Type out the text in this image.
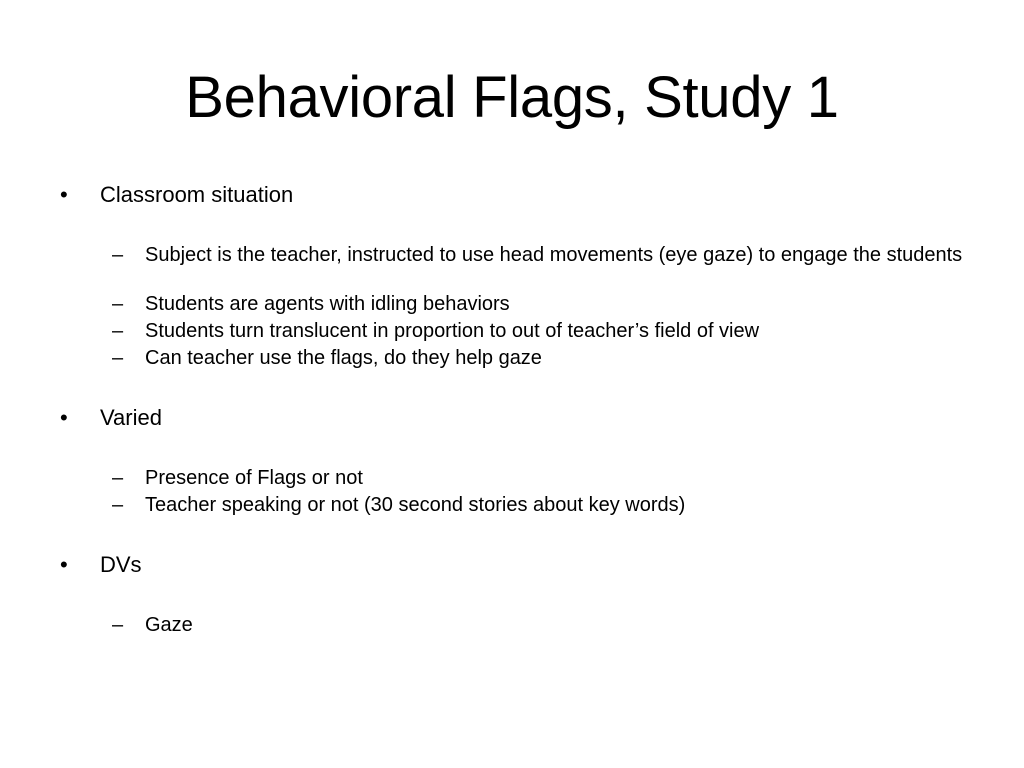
Behavioral Flags, Study 1
• Classroom situation
– Subject is the teacher, instructed to use head movements (eye gaze) to engage the students
– Students are agents with idling behaviors
– Students turn translucent in proportion to out of teacher’s field of view
– Can teacher use the flags, do they help gaze
• Varied
– Presence of Flags or not
– Teacher speaking or not (30 second stories about key words)
• DVs
– Gaze
